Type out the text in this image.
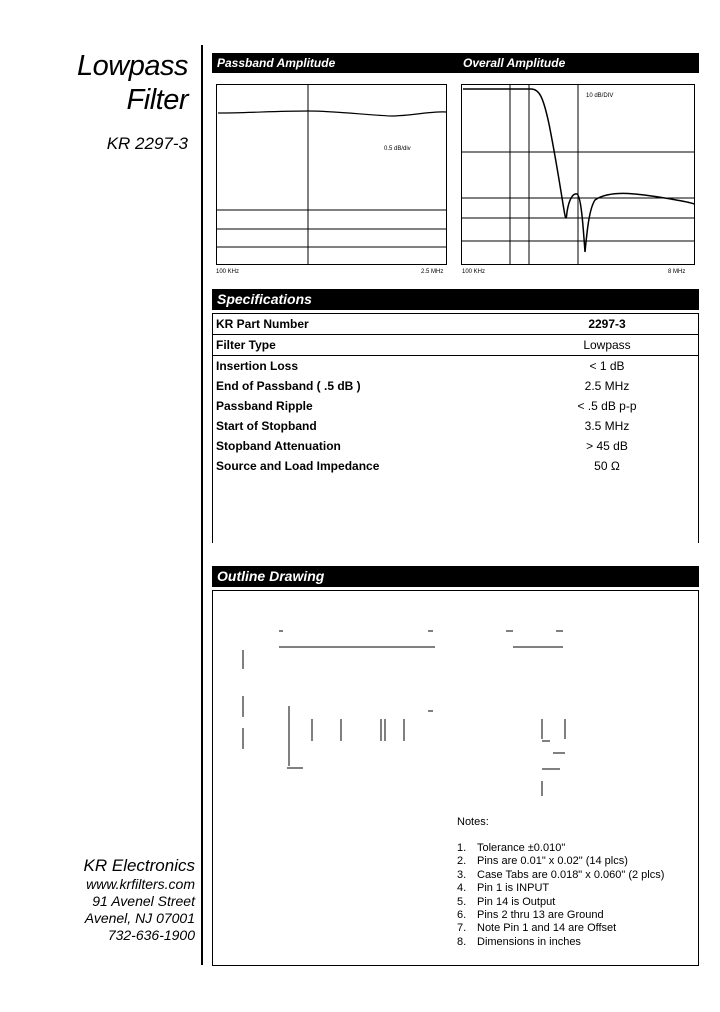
Lowpass
Filter
KR 2297-3
KR Electronics
www.krfilters.com
91 Avenel Street
Avenel, NJ 07001
732-636-1900
Passband Amplitude	Overall Amplitude
0.5 dB/div
100 KHz	2.5 MHz
10 dB/DIV
100 KHz	8 MHz
Specifications
KR Part Number	2297-3
Filter Type	Lowpass
Insertion Loss	< 1 dB
End of Passband ( .5 dB )	2.5 MHz
Passband Ripple	< .5 dB p-p
Start of Stopband	3.5 MHz
Stopband Attenuation	> 45 dB
Source and Load Impedance	50 Ω
Outline Drawing
Notes:
1. Tolerance ±0.010"
2. Pins are 0.01" x 0.02" (14 plcs)
3. Case Tabs are 0.018" x 0.060" (2 plcs)
4. Pin 1 is INPUT
5. Pin 14 is Output
6. Pins 2 thru 13 are Ground
7. Note Pin 1 and 14 are Offset
8. Dimensions in inches
